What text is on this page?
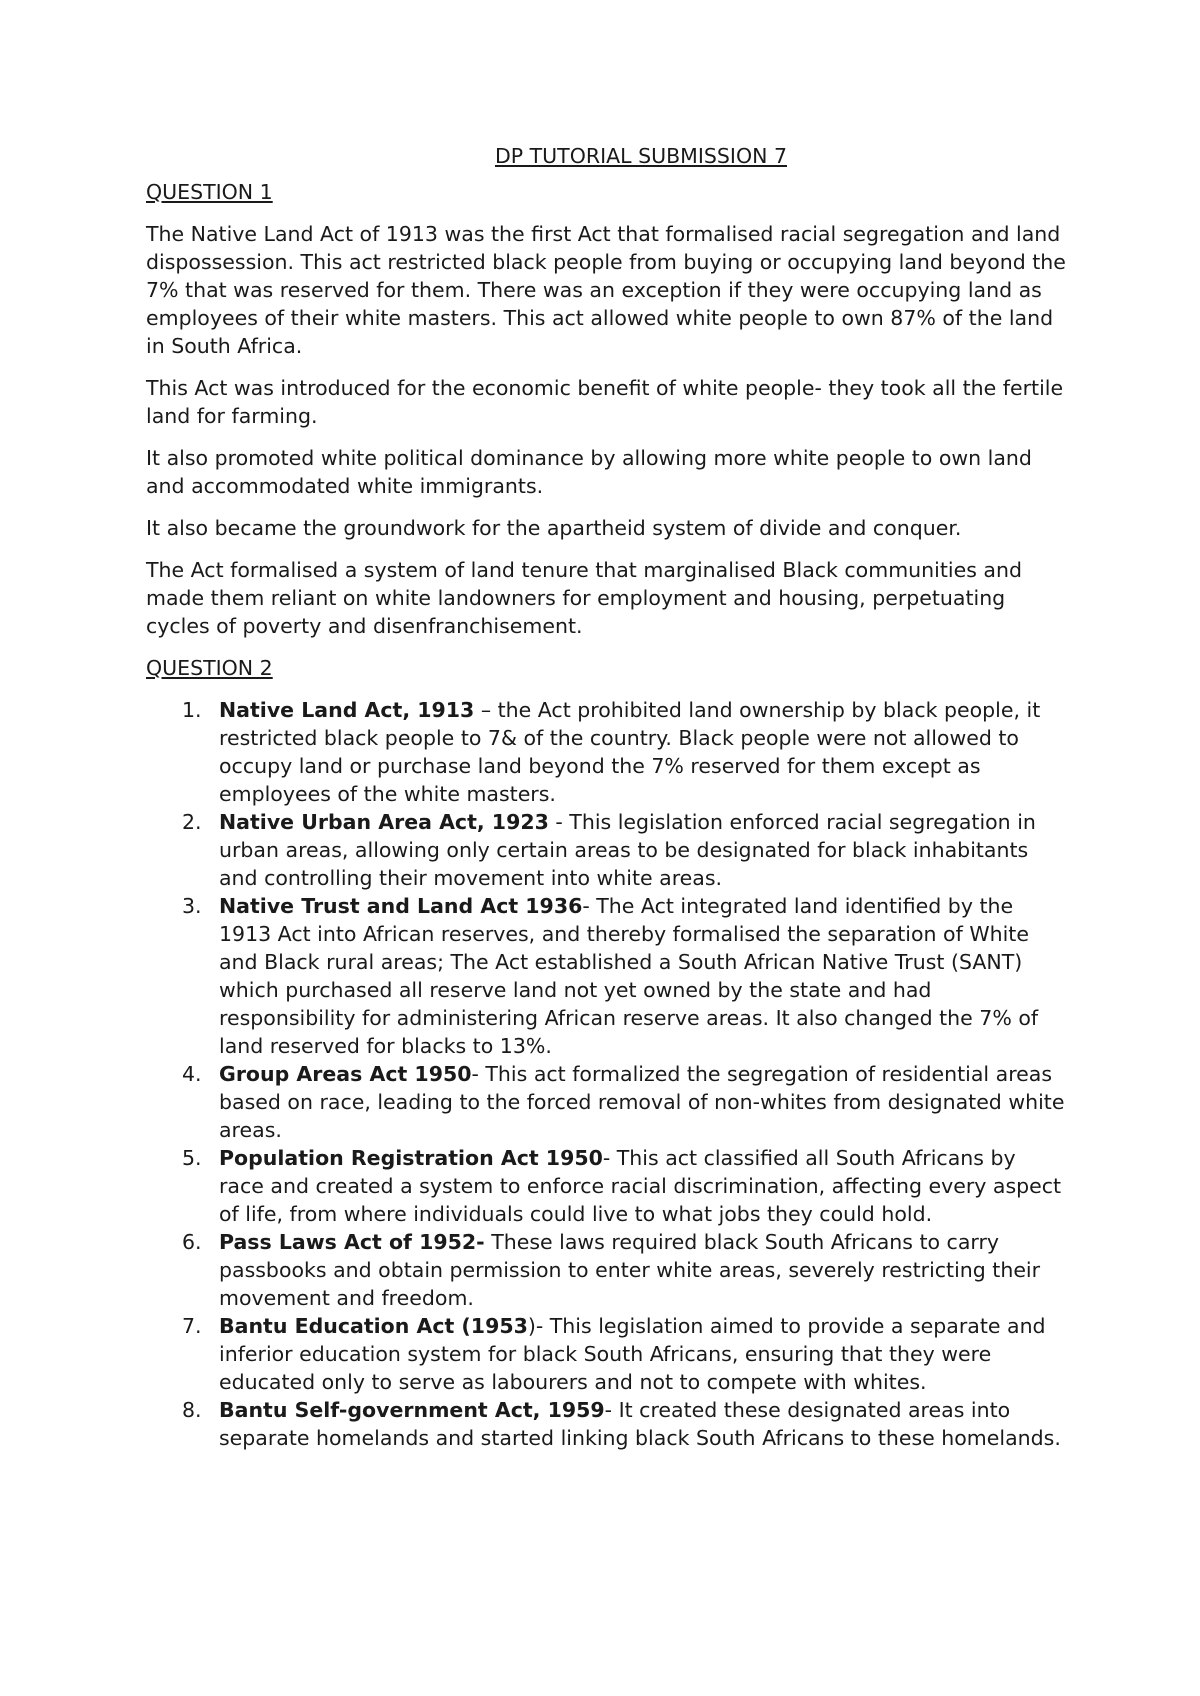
DP TUTORIAL SUBMISSION 7

QUESTION 1

The Native Land Act of 1913 was the first Act that formalised racial segregation and land dispossession. This act restricted black people from buying or occupying land beyond the 7% that was reserved for them. There was an exception if they were occupying land as employees of their white masters. This act allowed white people to own 87% of the land in South Africa.

This Act was introduced for the economic benefit of white people- they took all the fertile land for farming.

It also promoted white political dominance by allowing more white people to own land and accommodated white immigrants.

It also became the groundwork for the apartheid system of divide and conquer.

The Act formalised a system of land tenure that marginalised Black communities and made them reliant on white landowners for employment and housing, perpetuating cycles of poverty and disenfranchisement.

QUESTION 2

1. Native Land Act, 1913 – the Act prohibited land ownership by black people, it restricted black people to 7& of the country. Black people were not allowed to occupy land or purchase land beyond the 7% reserved for them except as employees of the white masters.
2. Native Urban Area Act, 1923 - This legislation enforced racial segregation in urban areas, allowing only certain areas to be designated for black inhabitants and controlling their movement into white areas.
3. Native Trust and Land Act 1936- The Act integrated land identified by the 1913 Act into African reserves, and thereby formalised the separation of White and Black rural areas; The Act established a South African Native Trust (SANT) which purchased all reserve land not yet owned by the state and had responsibility for administering African reserve areas. It also changed the 7% of land reserved for blacks to 13%.
4. Group Areas Act 1950- This act formalized the segregation of residential areas based on race, leading to the forced removal of non-whites from designated white areas.
5. Population Registration Act 1950- This act classified all South Africans by race and created a system to enforce racial discrimination, affecting every aspect of life, from where individuals could live to what jobs they could hold.
6. Pass Laws Act of 1952- These laws required black South Africans to carry passbooks and obtain permission to enter white areas, severely restricting their movement and freedom.
7. Bantu Education Act (1953)- This legislation aimed to provide a separate and inferior education system for black South Africans, ensuring that they were educated only to serve as labourers and not to compete with whites.
8. Bantu Self-government Act, 1959- It created these designated areas into separate homelands and started linking black South Africans to these homelands.
